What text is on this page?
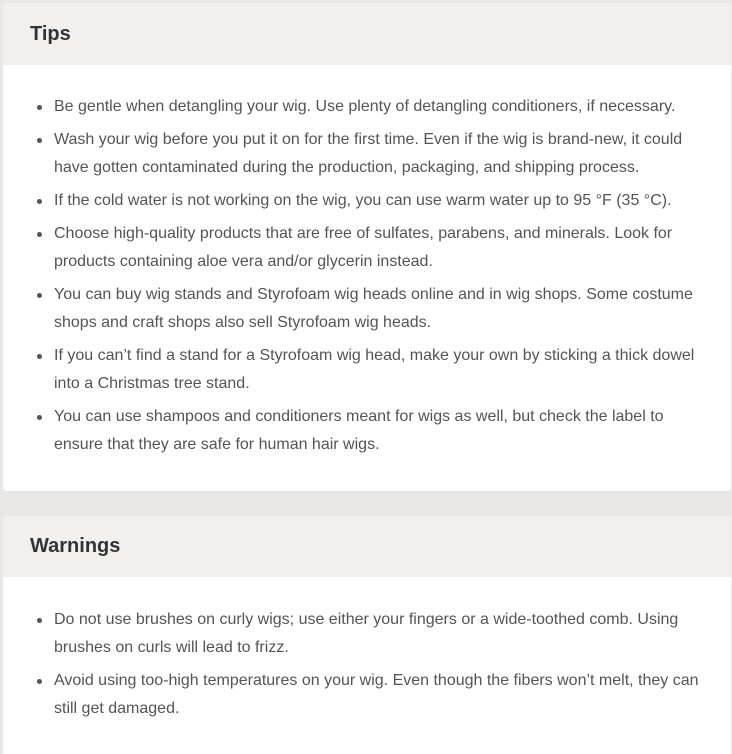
Tips
Be gentle when detangling your wig. Use plenty of detangling conditioners, if necessary.
Wash your wig before you put it on for the first time. Even if the wig is brand-new, it could have gotten contaminated during the production, packaging, and shipping process.
If the cold water is not working on the wig, you can use warm water up to 95 °F (35 °C).
Choose high-quality products that are free of sulfates, parabens, and minerals. Look for products containing aloe vera and/or glycerin instead.
You can buy wig stands and Styrofoam wig heads online and in wig shops. Some costume shops and craft shops also sell Styrofoam wig heads.
If you can’t find a stand for a Styrofoam wig head, make your own by sticking a thick dowel into a Christmas tree stand.
You can use shampoos and conditioners meant for wigs as well, but check the label to ensure that they are safe for human hair wigs.
Warnings
Do not use brushes on curly wigs; use either your fingers or a wide-toothed comb. Using brushes on curls will lead to frizz.
Avoid using too-high temperatures on your wig. Even though the fibers won’t melt, they can still get damaged.
